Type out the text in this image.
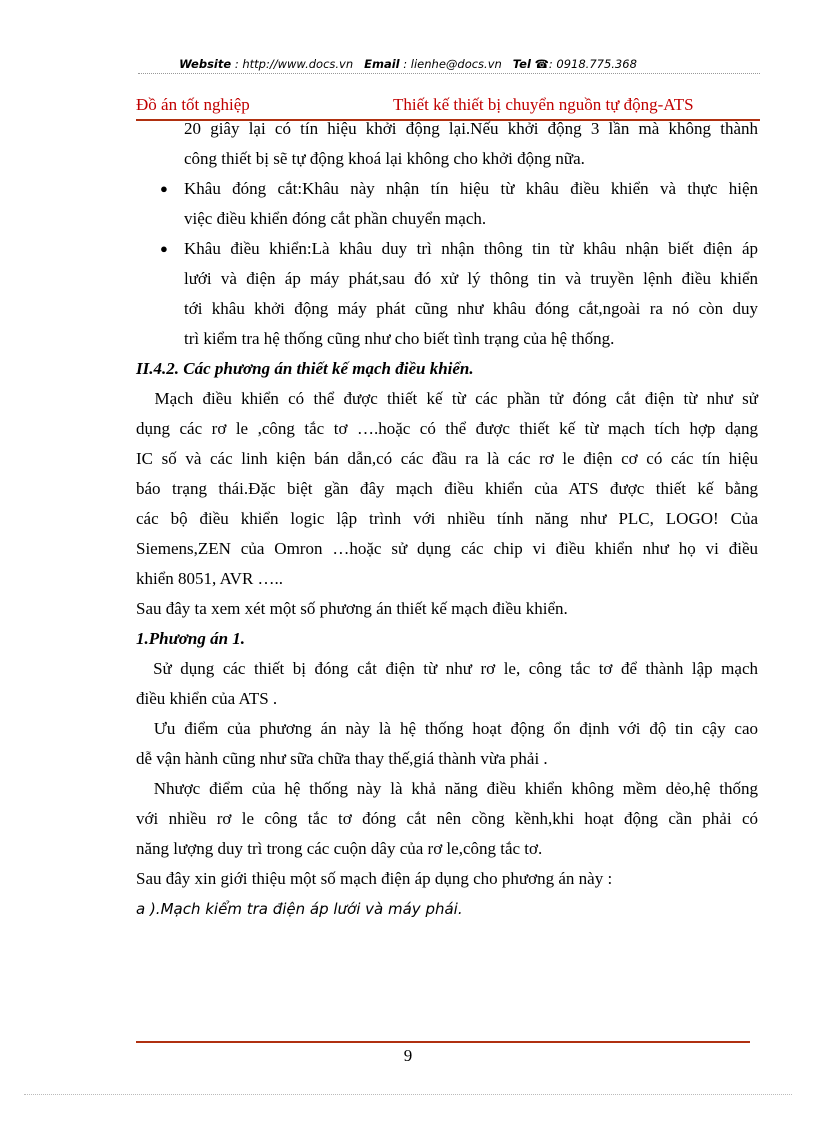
Website : http://www.docs.vn Email : lienhe@docs.vn Tel ☎: 0918.775.368
Đồ án tốt nghiệp	Thiết kế thiết bị chuyển nguồn tự động-ATS

20 giây lại có tín hiệu khởi động lại.Nếu khởi động 3 lần mà không thành

công thiết bị sẽ tự động khoá lại không cho khởi động nữa.

● Khâu đóng cắt:Khâu này nhận tín hiệu từ khâu điều khiển và thực hiện

việc điều khiển đóng cắt phần chuyển mạch.

● Khâu điều khiển:Là khâu duy trì nhận thông tin từ khâu nhận biết điện áp

lưới và điện áp máy phát,sau đó xử lý thông tin và truyền lệnh điều khiển

tới khâu khởi động máy phát cũng như khâu đóng cắt,ngoài ra nó còn duy

trì kiểm tra hệ thống cũng như cho biết tình trạng của hệ thống.

II.4.2. Các phương án thiết kế mạch điều khiển.

Mạch điều khiển có thể được thiết kế từ các phần tử đóng cắt điện từ như sử

dụng các rơ le ,công tắc tơ ….hoặc có thể được thiết kế từ mạch tích hợp dạng

IC số và các linh kiện bán dẫn,có các đầu ra là các rơ le điện cơ có các tín hiệu

báo trạng thái.Đặc biệt gần đây mạch điều khiển của ATS được thiết kế bằng

các bộ điều khiển logic lập trình với nhiều tính năng như PLC, LOGO! Của

Siemens,ZEN của Omron …hoặc sử dụng các chip vi điều khiển như họ vi điều

khiển 8051, AVR …..

Sau đây ta xem xét một số phương án thiết kế mạch điều khiển.

1.Phương án 1.

Sử dụng các thiết bị đóng cắt điện từ như rơ le, công tắc tơ để thành lập mạch

điều khiển của ATS .

Ưu điểm của phương án này là hệ thống hoạt động ổn định với độ tin cậy cao

dễ vận hành cũng như sữa chữa thay thế,giá thành vừa phải .

Nhược điểm của hệ thống này là khả năng điều khiển không mềm dẻo,hệ thống

với nhiều rơ le công tắc tơ đóng cắt nên cồng kềnh,khi hoạt động cần phải có

năng lượng duy trì trong các cuộn dây của rơ le,công tắc tơ.

Sau đây xin giới thiệu một số mạch điện áp dụng cho phương án này :

a ).Mạch kiểm tra điện áp lưới và máy phái.

9
